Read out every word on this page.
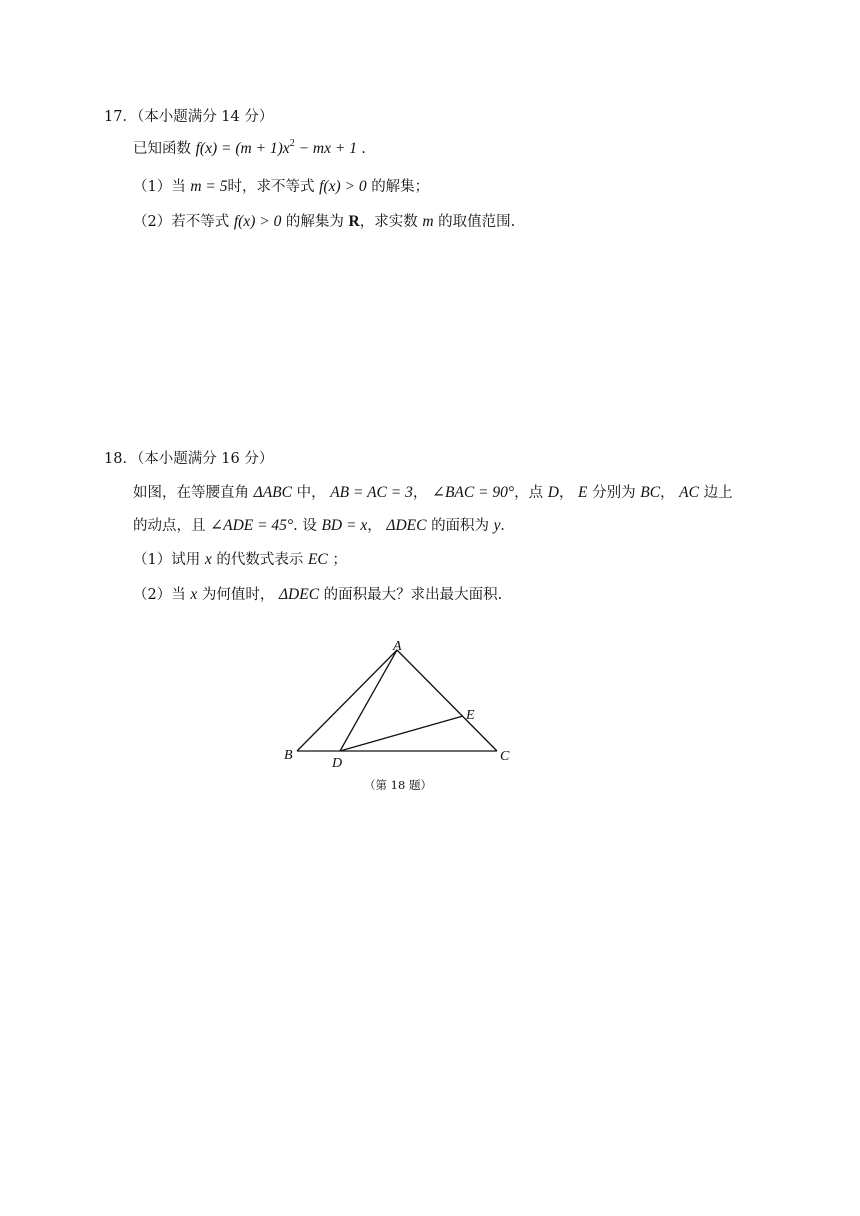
17．（本小题满分 14 分）
已知函数 $f(x) = (m + 1)x^2$ − mx + 1 .
（1）当 m = 5时，求不等式 f(x) > 0 的解集；
（2）若不等式 f(x) > 0 的解集为 R，求实数 m 的取值范围.
18．（本小题满分 16 分）
如图，在等腰直角 ΔABC 中， AB = AC = 3， ∠BAC = 90°，点 D， E 分别为 BC， AC 边上
的动点，且 ∠ADE = 45°. 设 BD = x， ΔDEC 的面积为 y.
（1）试用 x 的代数式表示 EC ；
（2）当 x 为何值时， ΔDEC 的面积最大？求出最大面积.
A
B	C
D
E
（第 18 题）
